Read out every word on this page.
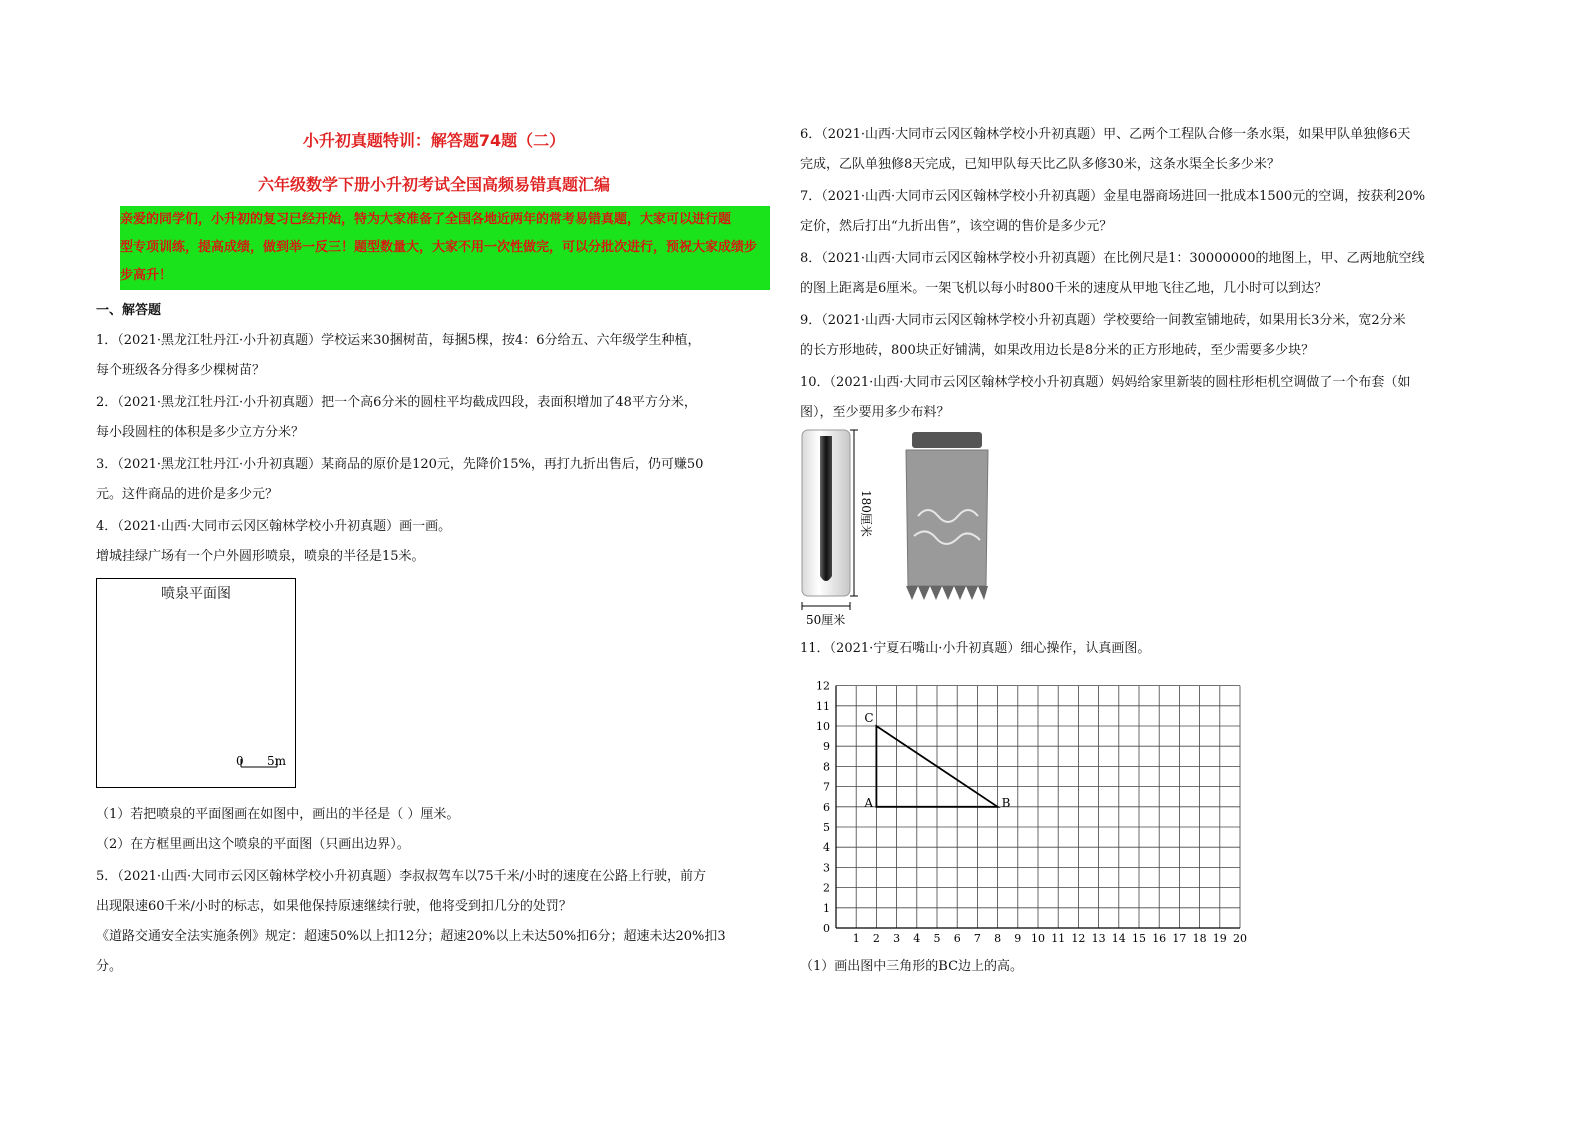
小升初真题特训：解答题74题（二）
六年级数学下册小升初考试全国高频易错真题汇编
亲爱的同学们，小升初的复习已经开始，特为大家准备了全国各地近两年的常考易错真题，大家可以进行题
型专项训练，提高成绩，做到举一反三！题型数量大，大家不用一次性做完，可以分批次进行，预祝大家成绩步
步高升！
一、解答题
1．（2021·黑龙江牡丹江·小升初真题）学校运来30捆树苗，每捆5棵，按4：6分给五、六年级学生种植，
每个班级各分得多少棵树苗？
2．（2021·黑龙江牡丹江·小升初真题）把一个高6分米的圆柱平均截成四段，表面积增加了48平方分米，
每小段圆柱的体积是多少立方分米？
3．（2021·黑龙江牡丹江·小升初真题）某商品的原价是120元，先降价15%，再打九折出售后，仍可赚50
元。这件商品的进价是多少元？
4．（2021·山西·大同市云冈区翰林学校小升初真题）画一画。
增城挂绿广场有一个户外圆形喷泉，喷泉的半径是15米。
喷泉平面图
0 5m
（1）若把喷泉的平面图画在如图中，画出的半径是（ ）厘米。
（2）在方框里画出这个喷泉的平面图（只画出边界）。
5．（2021·山西·大同市云冈区翰林学校小升初真题）李叔叔驾车以75千米/小时的速度在公路上行驶，前方
出现限速60千米/小时的标志，如果他保持原速继续行驶，他将受到扣几分的处罚？
《道路交通安全法实施条例》规定：超速50%以上扣12分；超速20%以上未达50%扣6分；超速未达20%扣3
分。
6．（2021·山西·大同市云冈区翰林学校小升初真题）甲、乙两个工程队合修一条水渠，如果甲队单独修6天
完成，乙队单独修8天完成，已知甲队每天比乙队多修30米，这条水渠全长多少米？
7．（2021·山西·大同市云冈区翰林学校小升初真题）金星电器商场进回一批成本1500元的空调，按获利20%
定价，然后打出“九折出售”，该空调的售价是多少元？
8．（2021·山西·大同市云冈区翰林学校小升初真题）在比例尺是1：30000000的地图上，甲、乙两地航空线
的图上距离是6厘米。一架飞机以每小时800千米的速度从甲地飞往乙地，几小时可以到达？
9．（2021·山西·大同市云冈区翰林学校小升初真题）学校要给一间教室铺地砖，如果用长3分米，宽2分米
的长方形地砖，800块正好铺满，如果改用边长是8分米的正方形地砖，至少需要多少块？
10．（2021·山西·大同市云冈区翰林学校小升初真题）妈妈给家里新装的圆柱形柜机空调做了一个布套（如
图），至少要用多少布料？
180厘米
50厘米
11．（2021·宁夏石嘴山·小升初真题）细心操作，认真画图。
1 2 3 4 5 6 7 8 9 10 11 12 13 14 15 16 17 18 19 20
0
1
2
3
4
5
6
7
8
9
10
11
12
A	B
C
（1）画出图中三角形的BC边上的高。
